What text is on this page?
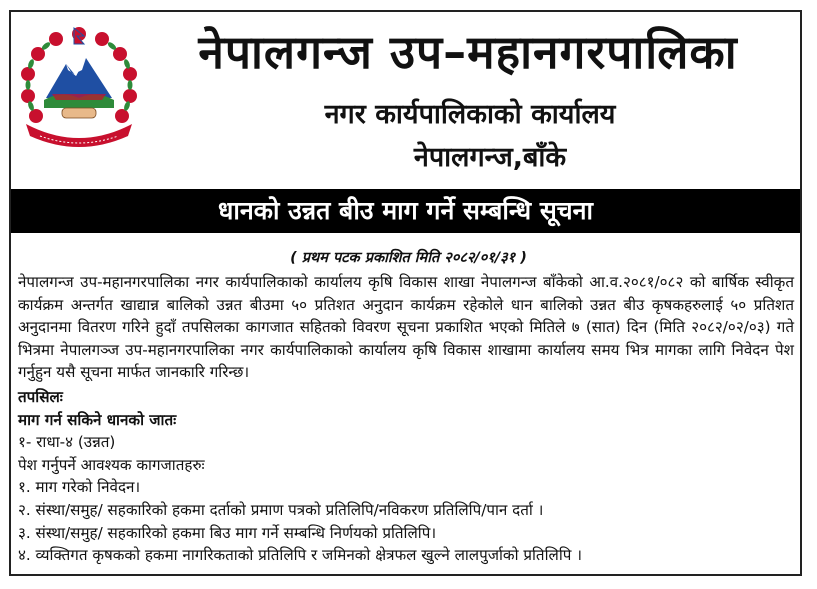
नेपालगन्ज उप–महानगरपालिका
नगर कार्यपालिकाको कार्यालय
नेपालगन्ज,बाँके
धानको उन्नत बीउ माग गर्ने सम्बन्धि सूचना
( प्रथम पटक प्रकाशित मिति २०८२/०१/३१ )
नेपालगन्ज उप-महानगरपालिका नगर कार्यपालिकाको कार्यालय कृषि विकास शाखा नेपालगन्ज बाँकेको आ.व.२०८१/०८२ को बार्षिक स्वीकृत कार्यक्रम अन्तर्गत खाद्यान्न बालिको उन्नत बीउमा ५० प्रतिशत अनुदान कार्यक्रम रहेकोले धान बालिको उन्नत बीउ कृषकहरुलाई ५० प्रतिशत अनुदानमा वितरण गरिने हुदाँ तपसिलका कागजात सहितको विवरण सूचना प्रकाशित भएको मितिले ७ (सात) दिन (मिति २०८२/०२/०३) गते भित्रमा नेपालगञ्ज उप-महानगरपालिका नगर कार्यपालिकाको कार्यालय कृषि विकास शाखामा कार्यालय समय भित्र मागका लागि निवेदन पेश गर्नुहुन यसै सूचना मार्फत जानकारि गरिन्छ।
तपसिलः
माग गर्न सकिने धानको जातः
१- राधा-४ (उन्नत)
पेश गर्नुपर्ने आवश्यक कागजातहरुः
१. माग गरेको निवेदन।
२. संस्था/समुह/ सहकारिको हकमा दर्ताको प्रमाण पत्रको प्रतिलिपि/नविकरण प्रतिलिपि/पान दर्ता ।
३. संस्था/समुह/ सहकारिको हकमा बिउ माग गर्ने सम्बन्धि निर्णयको प्रतिलिपि।
४. व्यक्तिगत कृषकको हकमा नागरिकताको प्रतिलिपि र जमिनको क्षेत्रफल खुल्ने लालपुर्जाको प्रतिलिपि ।
